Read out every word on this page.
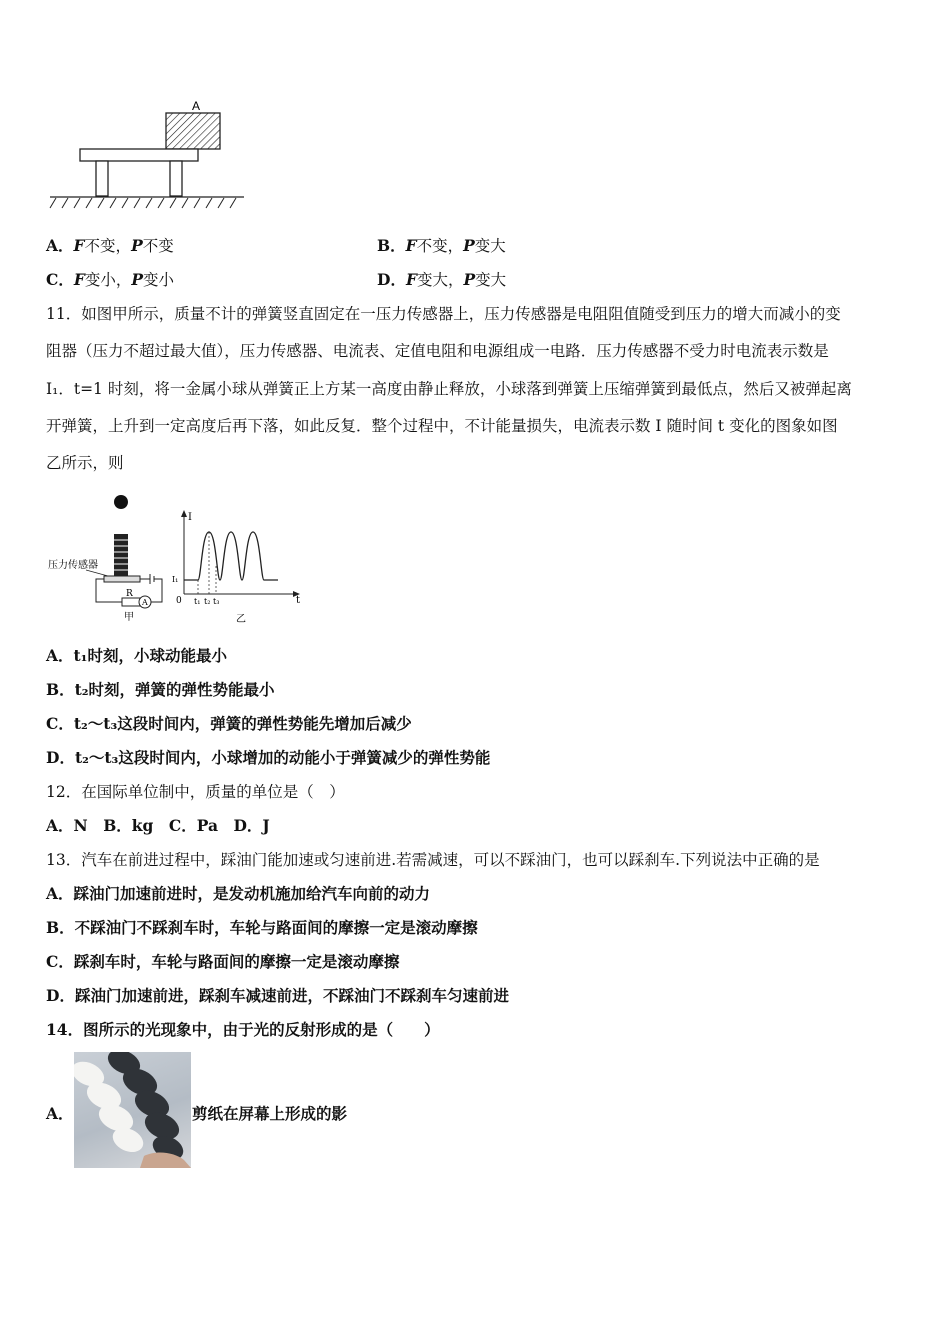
A
A．F不变，P不变	B．F不变，P变大
C．F变小，P变小	D．F变大，P变大
11．如图甲所示，质量不计的弹簧竖直固定在一压力传感器上，压力传感器是电阻阻值随受到压力的增大而减小的变
阻器（压力不超过最大值），压力传感器、电流表、定值电阻和电源组成一电路．压力传感器不受力时电流表示数是
I₁．t=1 时刻，将一金属小球从弹簧正上方某一高度由静止释放，小球落到弹簧上压缩弹簧到最低点，然后又被弹起离
开弹簧，上升到一定高度后再下落，如此反复．整个过程中，不计能量损失，电流表示数 I 随时间 t 变化的图象如图
乙所示，则
压力传感器
R
A
甲
I
t
0
I₁
t₁ t₂ t₃
乙
A．t₁时刻，小球动能最小
B．t₂时刻，弹簧的弹性势能最小
C．t₂～t₃这段时间内，弹簧的弹性势能先增加后减少
D．t₂～t₃这段时间内，小球增加的动能小于弹簧减少的弹性势能
12．在国际单位制中，质量的单位是（　）
A．N　B．kg　C．Pa　D．J
13．汽车在前进过程中，踩油门能加速或匀速前进.若需减速，可以不踩油门，也可以踩刹车.下列说法中正确的是
A．踩油门加速前进时，是发动机施加给汽车向前的动力
B．不踩油门不踩刹车时，车轮与路面间的摩擦一定是滚动摩擦
C．踩刹车时，车轮与路面间的摩擦一定是滚动摩擦
D．踩油门加速前进，踩刹车减速前进，不踩油门不踩刹车匀速前进
14．图所示的光现象中，由于光的反射形成的是（　　）
A．	剪纸在屏幕上形成的影
